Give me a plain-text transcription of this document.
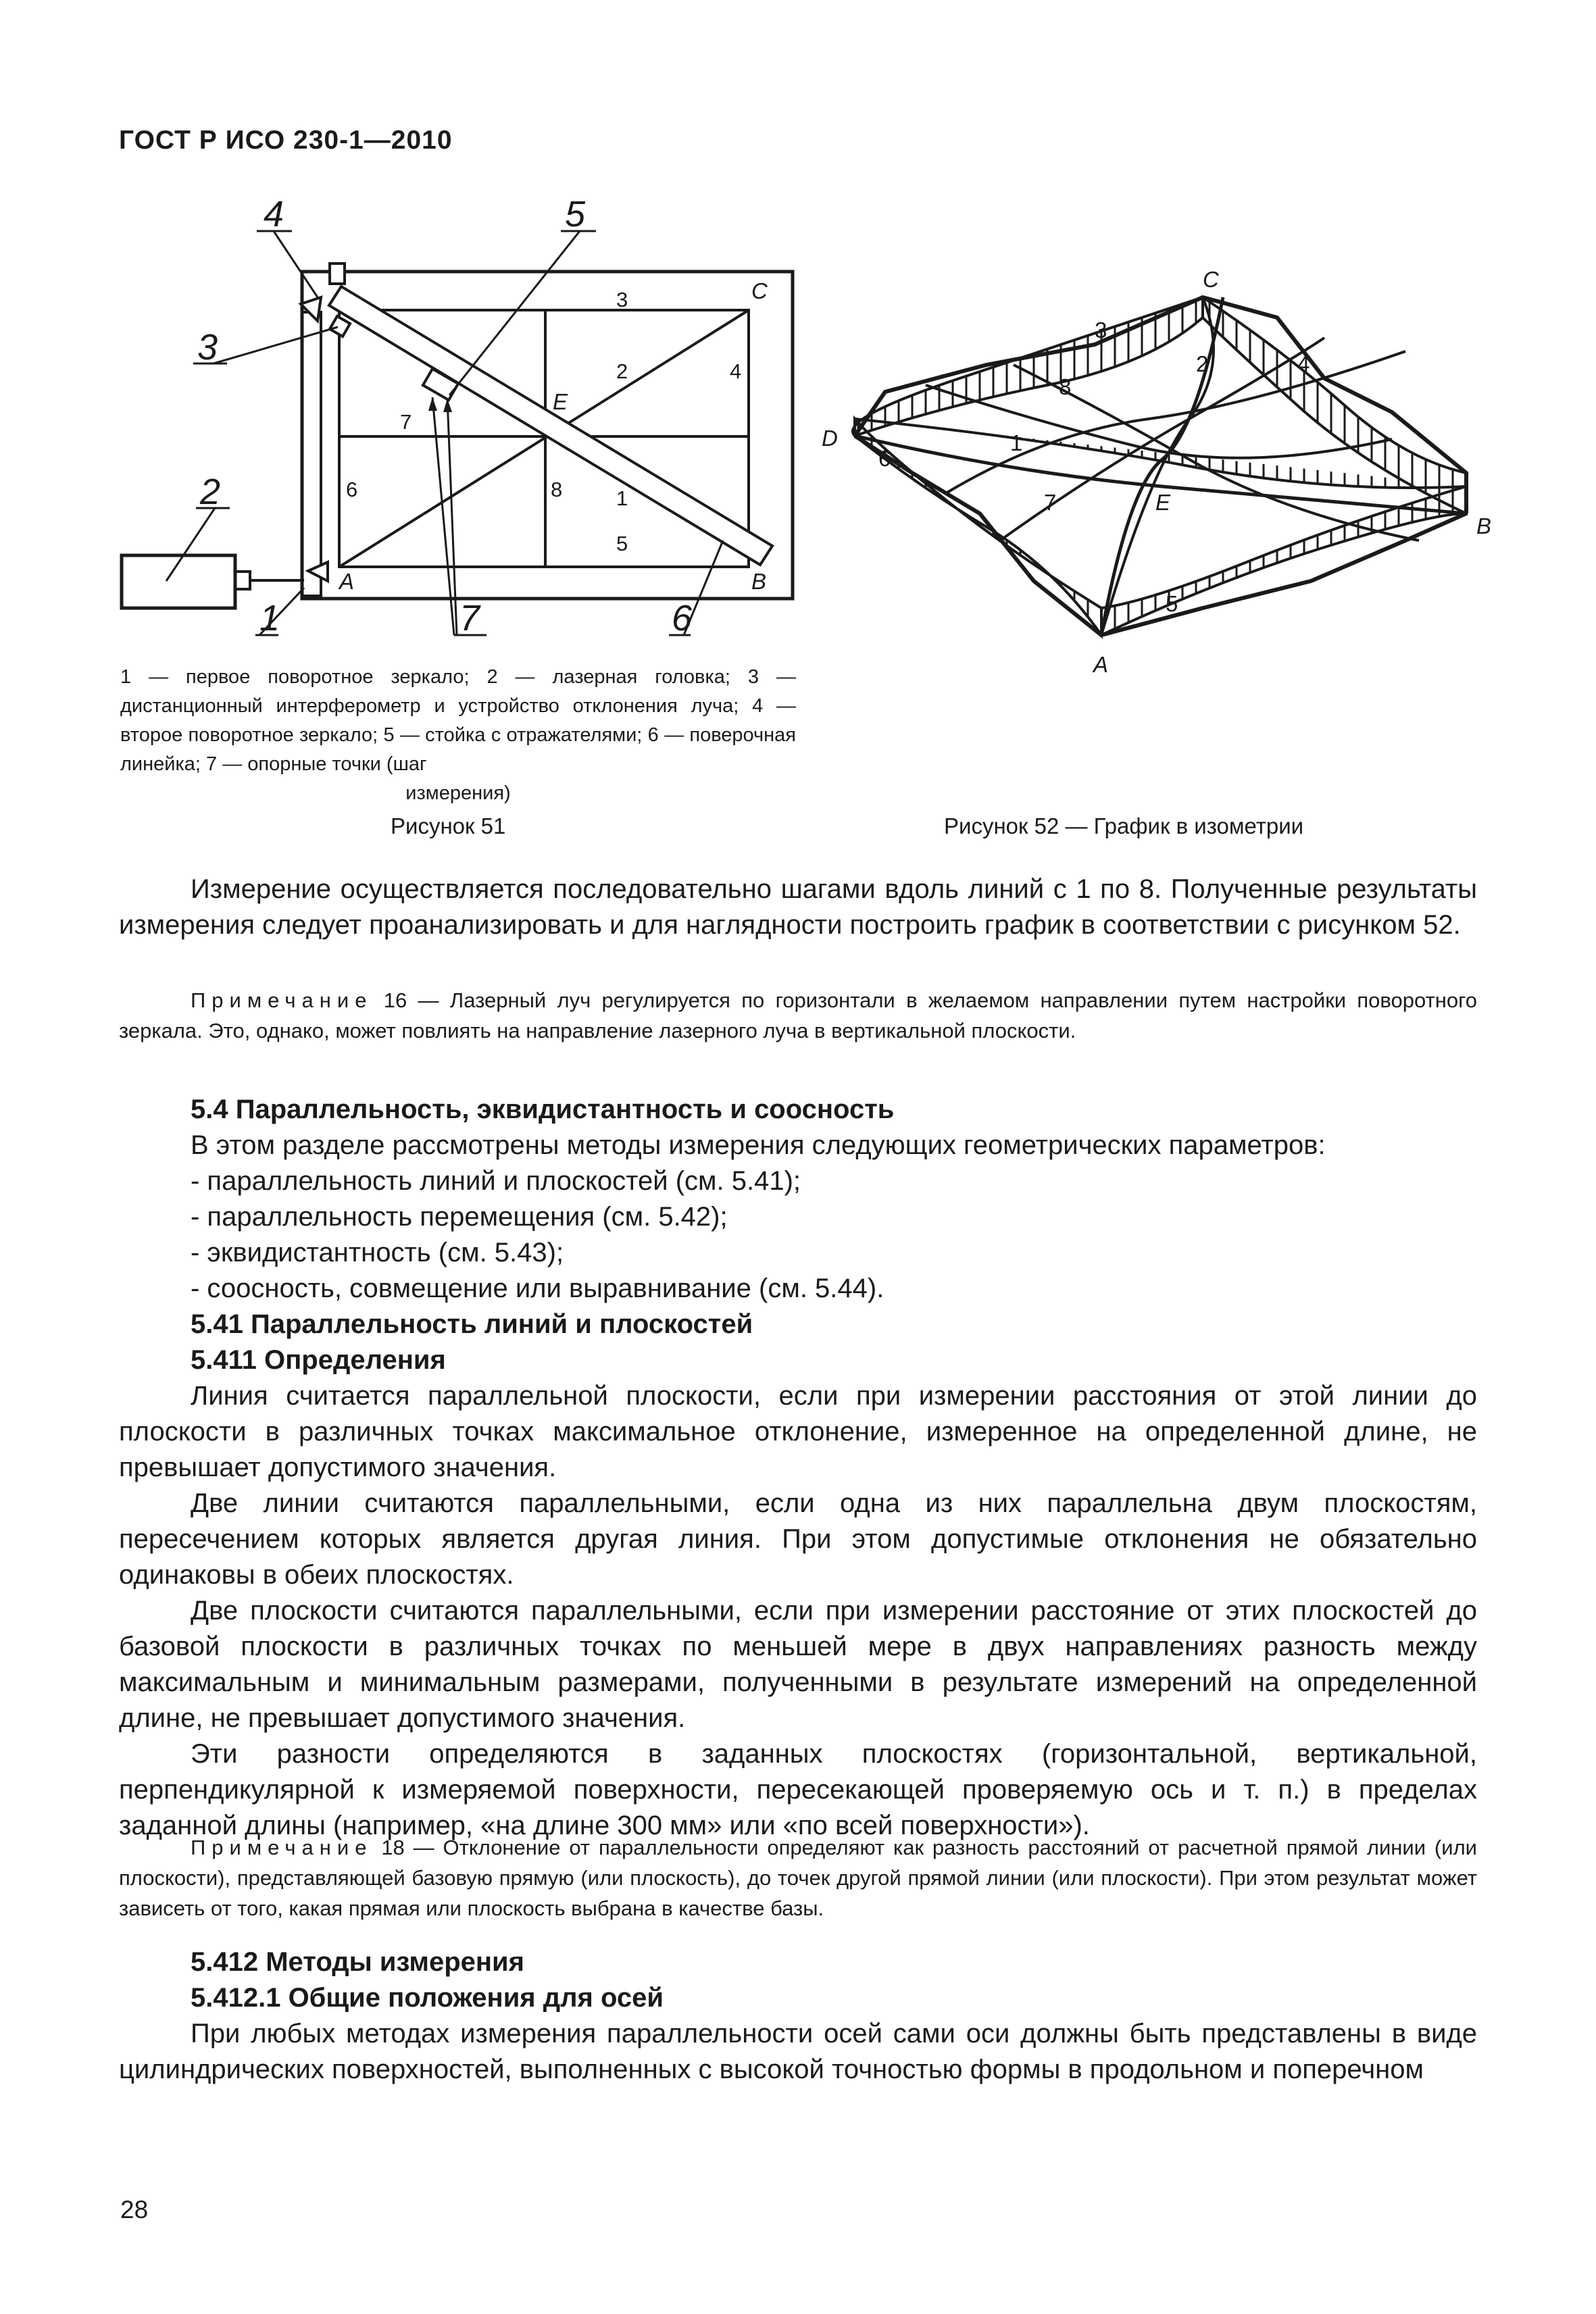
ГОСТ Р ИСО 230-1—2010
4	5
3
2
1	7	6
C
E
A	B
3
2	4
7
6	8	1
5
1 — первое поворотное зеркало; 2 — лазерная головка; 3 — дистанционный интерферометр и устройство отклонения луча; 4 — второе поворотное зеркало; 5 — стойка с отражателями; 6 — поверочная линейка; 7 — опорные точки (шаг
измерения)
Рисунок 51
C
D
E
A
B
3
8
2	4
1
6
7
5
Рисунок 52 — График в изометрии

Измерение осуществляется последовательно шагами вдоль линий с 1 по 8. Полученные результаты измерения следует проанализировать и для наглядности построить график в соответствии с рисунком 52.

Примечание 16 — Лазерный луч регулируется по горизонтали в желаемом направлении путем настройки поворотного зеркала. Это, однако, может повлиять на направление лазерного луча в вертикальной плоскости.

5.4 Параллельность, эквидистантность и соосность
В этом разделе рассмотрены методы измерения следующих геометрических параметров:
- параллельность линий и плоскостей (см. 5.41);
- параллельность перемещения (см. 5.42);
- эквидистантность (см. 5.43);
- соосность, совмещение или выравнивание (см. 5.44).
5.41 Параллельность линий и плоскостей
5.411 Определения

Линия считается параллельной плоскости, если при измерении расстояния от этой линии до плоскости в различных точках максимальное отклонение, измеренное на определенной длине, не превышает допустимого значения.

Две линии считаются параллельными, если одна из них параллельна двум плоскостям, пересечением которых является другая линия. При этом допустимые отклонения не обязательно одинаковы в обеих плоскостях.

Две плоскости считаются параллельными, если при измерении расстояние от этих плоскостей до базовой плоскости в различных точках по меньшей мере в двух направлениях разность между максимальным и минимальным размерами, полученными в результате измерений на определенной длине, не превышает допустимого значения.

Эти разности определяются в заданных плоскостях (горизонтальной, вертикальной, перпендикулярной к измеряемой поверхности, пересекающей проверяемую ось и т. п.) в пределах заданной длины (например, «на длине 300 мм» или «по всей поверхности»).

Примечание 18 — Отклонение от параллельности определяют как разность расстояний от расчетной прямой линии (или плоскости), представляющей базовую прямую (или плоскость), до точек другой прямой линии (или плоскости). При этом результат может зависеть от того, какая прямая или плоскость выбрана в качестве базы.

5.412 Методы измерения
5.412.1 Общие положения для осей

При любых методах измерения параллельности осей сами оси должны быть представлены в виде цилиндрических поверхностей, выполненных с высокой точностью формы в продольном и поперечном

28
